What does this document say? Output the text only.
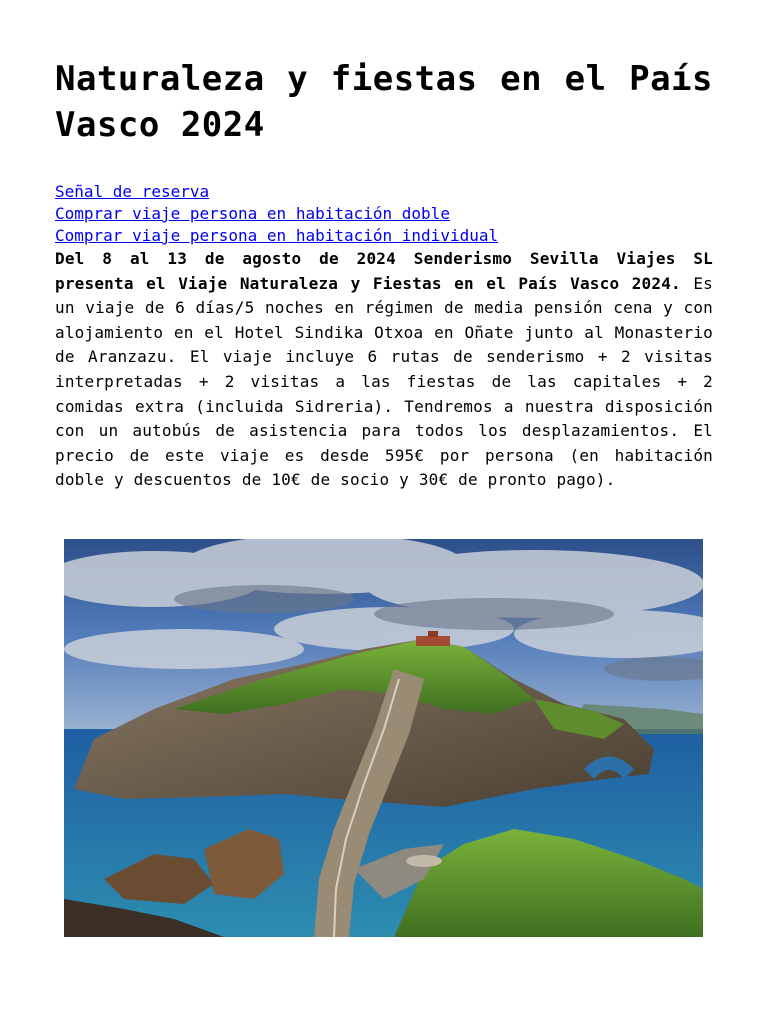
Naturaleza y fiestas en el País Vasco 2024
Señal de reserva
Comprar viaje persona en habitación doble
Comprar viaje persona en habitación individual

Del 8 al 13 de agosto de 2024 Senderismo Sevilla Viajes SL presenta el Viaje Naturaleza y Fiestas en el País Vasco 2024. Es un viaje de 6 días/5 noches en régimen de media pensión cena y con alojamiento en el Hotel Sindika Otxoa en Oñate junto al Monasterio de Aranzazu. El viaje incluye 6 rutas de senderismo + 2 visitas interpretadas + 2 visitas a las fiestas de las capitales + 2 comidas extra (incluida Sidreria). Tendremos a nuestra disposición con un autobús de asistencia para todos los desplazamientos. El precio de este viaje es desde 595€ por persona (en habitación doble y descuentos de 10€ de socio y 30€ de pronto pago).
